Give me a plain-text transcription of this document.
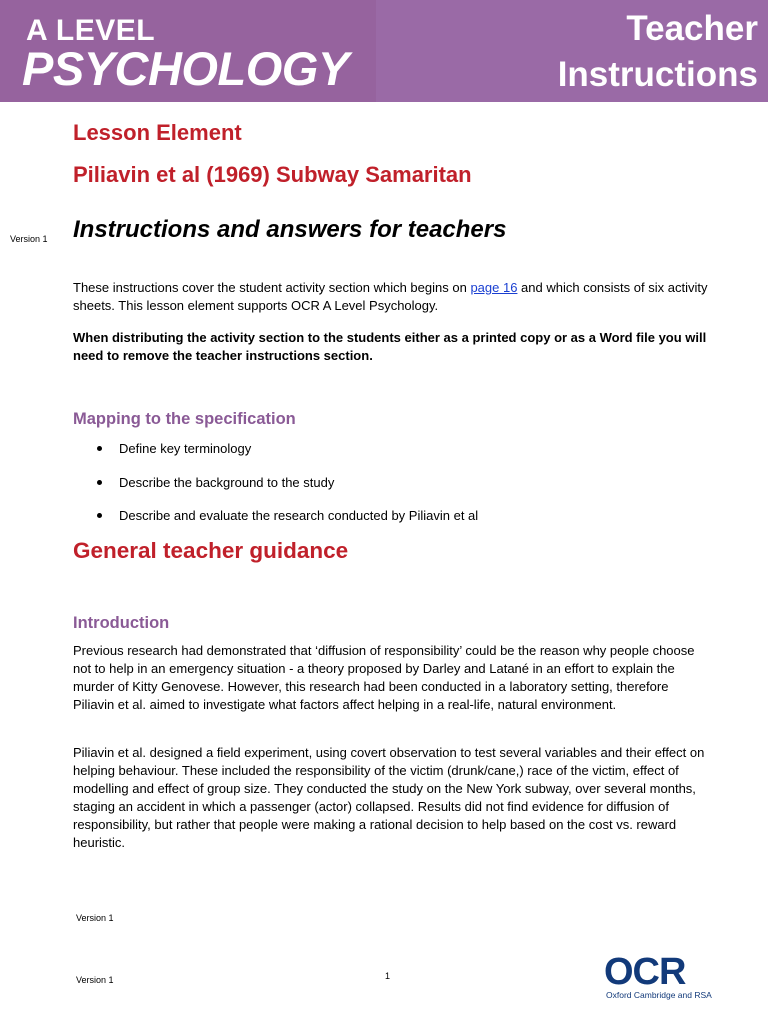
A LEVEL
PSYCHOLOGY
Teacher
Instructions
Lesson Element
Piliavin et al (1969) Subway Samaritan
Version 1 Instructions and answers for teachers
These instructions cover the student activity section which begins on page 16 and which consists of six activity sheets. This lesson element supports OCR A Level Psychology.
When distributing the activity section to the students either as a printed copy or as a Word file you will need to remove the teacher instructions section.
Mapping to the specification
Define key terminology
Describe the background to the study
Describe and evaluate the research conducted by Piliavin et al
General teacher guidance
Introduction
Previous research had demonstrated that ‘diffusion of responsibility’ could be the reason why people choose not to help in an emergency situation - a theory proposed by Darley and Latané in an effort to explain the murder of Kitty Genovese. However, this research had been conducted in a laboratory setting, therefore Piliavin et al. aimed to investigate what factors affect helping in a real-life, natural environment.
Piliavin et al. designed a field experiment, using covert observation to test several variables and their effect on helping behaviour. These included the responsibility of the victim (drunk/cane,) race of the victim, effect of modelling and effect of group size. They conducted the study on the New York subway, over several months, staging an accident in which a passenger (actor) collapsed. Results did not find evidence for diffusion of responsibility, but rather that people were making a rational decision to help based on the cost vs. reward heuristic.
Version 1
Version 1	1	OCR
Oxford Cambridge and RSA
